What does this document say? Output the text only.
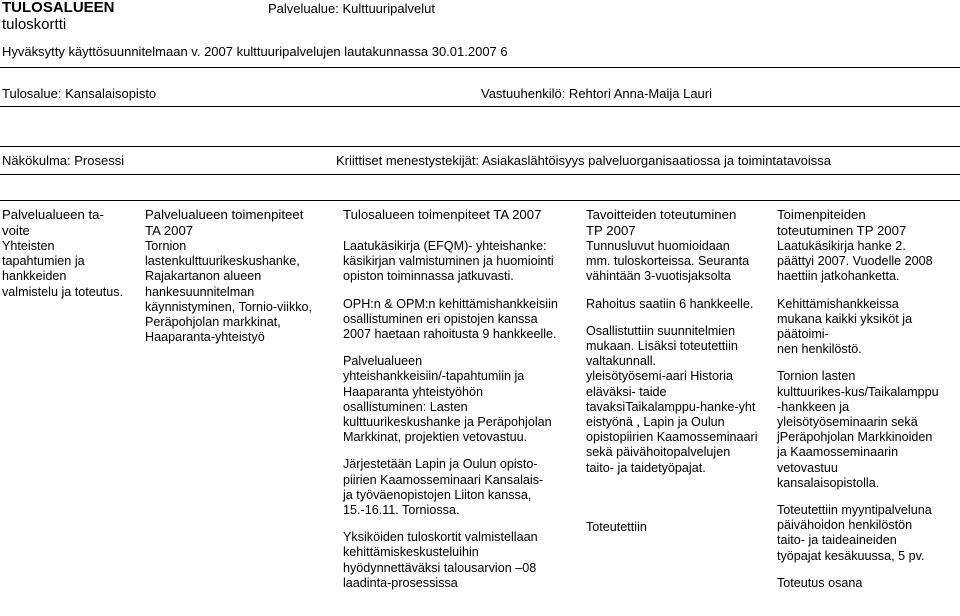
TULOSALUEEN
tuloskortti
Palvelualue: Kulttuuripalvelut
Hyväksytty käyttösuunnitelmaan v. 2007 kulttuuripalvelujen lautakunnassa 30.01.2007 6
Tulosalue: Kansalaisopisto	Vastuuhenkilö: Rehtori Anna-Maija Lauri
Näkökulma: Prosessi	Kriittiset menestystekijät: Asiakaslähtöisyys palveluorganisaatiossa ja toimintatavoissa

Palvelualueen ta-
voite

Yhteisten
tapahtumien ja
hankkeiden
valmistelu ja toteutus.

Palvelualueen toimenpiteet
TA 2007

Tornion
lastenkulttuurikeskushanke,
Rajakartanon alueen
hankesuunnitelman
käynnistyminen, Tornio-viikko,
Peräpohjolan markkinat,
Haaparanta-yhteistyö

Tulosalueen toimenpiteet TA 2007

Laatukäsikirja (EFQM)- yhteishanke:
käsikirjan valmistuminen ja huomiointi
opiston toiminnassa jatkuvasti.

OPH:n & OPM:n kehittämishankkeisiin
osallistuminen eri opistojen kanssa
2007 haetaan rahoitusta 9 hankkeelle.

Palvelualueen
yhteishankkeisiin/-tapahtumiin ja
Haaparanta yhteistyöhön
osallistuminen: Lasten
kulttuurikeskushanke ja Peräpohjolan
Markkinat, projektien vetovastuu.

Järjestetään Lapin ja Oulun opisto-
piirien Kaamosseminaari Kansalais-
ja työväenopistojen Liiton kanssa,
15.-16.11. Torniossa.

Yksiköiden tuloskortit valmistellaan
kehittämiskeskusteluihin
hyödynnettäväksi talousarvion –08
laadinta-prosessissa

Tavoitteiden toteutuminen
TP 2007

Tunnusluvut huomioidaan
mm. tuloskorteissa. Seuranta
vähintään 3-vuotisjaksolta

Rahoitus saatiin 6 hankkeelle.

Osallistuttiin suunnitelmien
mukaan. Lisäksi toteutettiin
valtakunnall.
yleisötyösemi-aari Historia
eläväksi- taide
tavaksiTaikalamppu-hanke-yht
eistyönä , Lapin ja Oulun
opistopiirien Kaamosseminaari
sekä päivähoitopalvelujen
taito- ja taidetyöpajat.

Toteutettiin

Toimenpiteiden
toteutuminen TP 2007

Laatukäsikirja hanke 2.
päättyi 2007. Vuodelle 2008
haettiin jatkohanketta.

Kehittämishankkeissa
mukana kaikki yksiköt ja
päätoimi-
nen henkilöstö.

Tornion lasten
kulttuurikes-kus/Taikalamppu
-hankkeen ja
yleisötyöseminaarin sekä
jPeräpohjolan Markkinoiden
ja Kaamosseminaarin
vetovastuu
kansalaisopistolla.

Toteutettiin myyntipalveluna
päivähoidon henkilöstön
taito- ja taideaineiden
työpajat kesäkuussa, 5 pv.

Toteutus osana
